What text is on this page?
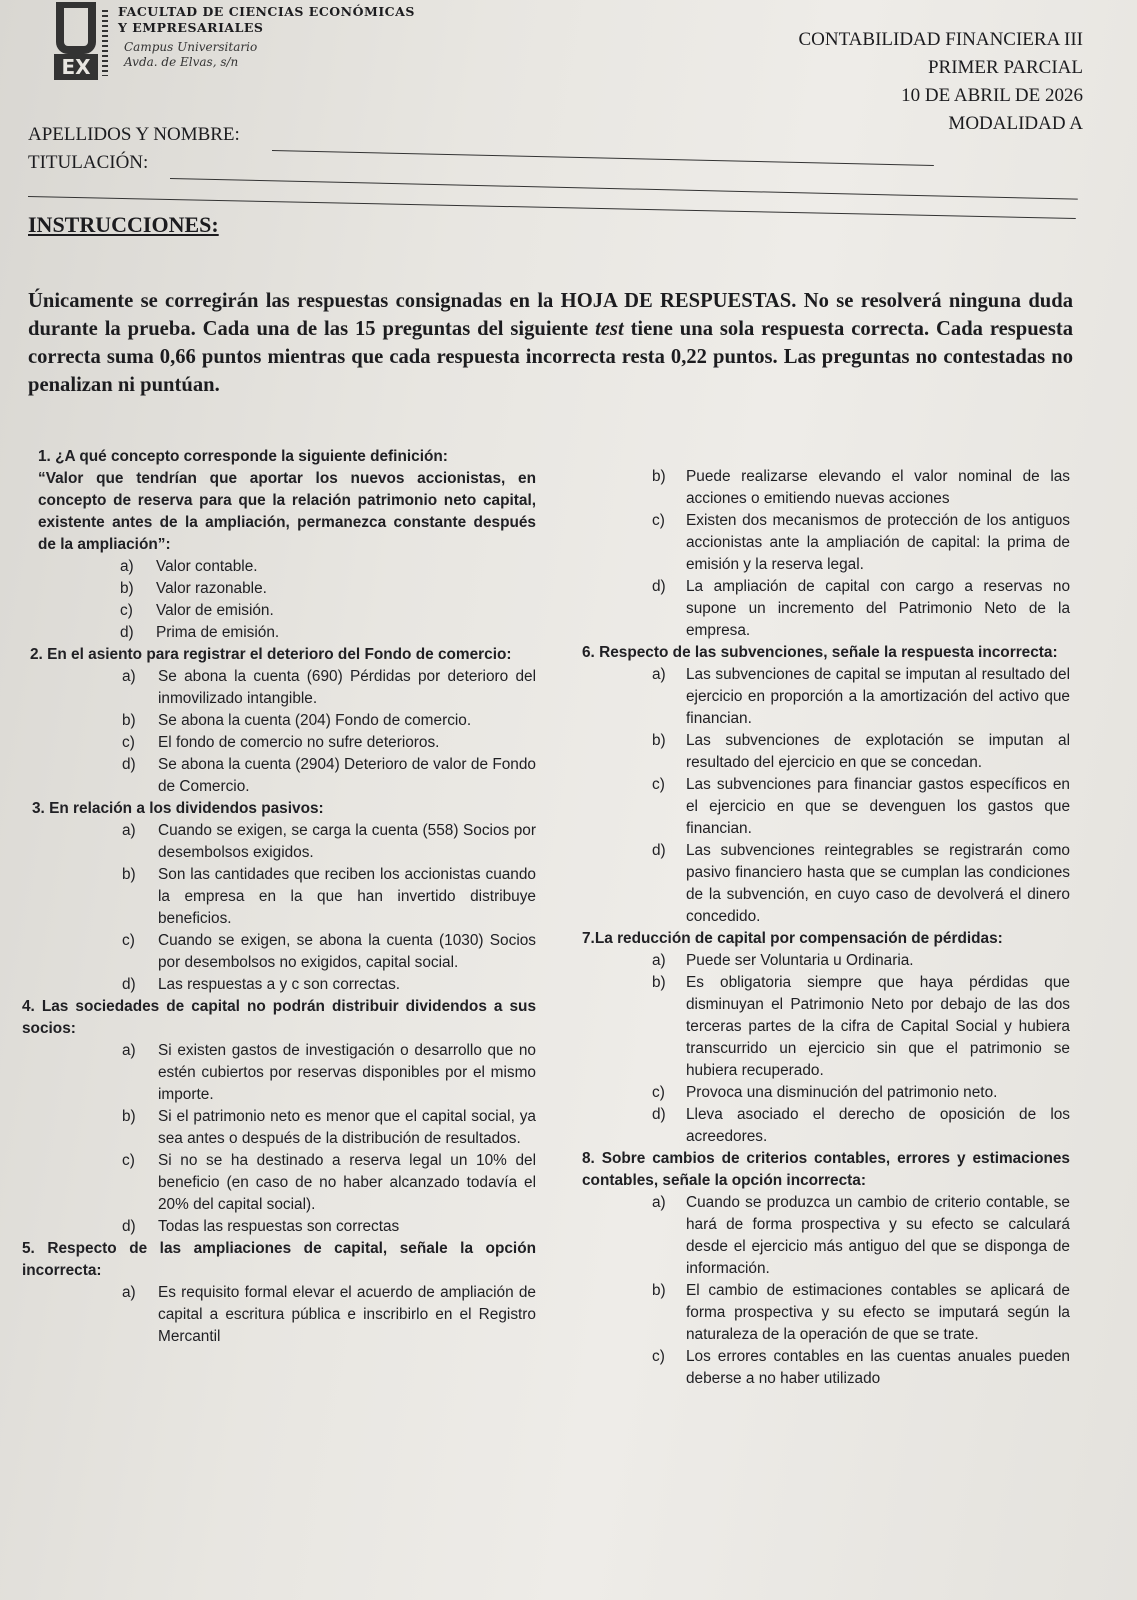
EX
FACULTAD DE CIENCIAS ECONÓMICAS
Y EMPRESARIALES
Campus Universitario
Avda. de Elvas, s/n
CONTABILIDAD FINANCIERA III
PRIMER PARCIAL
10 DE ABRIL DE 2026
MODALIDAD A
APELLIDOS Y NOMBRE:
TITULACIÓN:
INSTRUCCIONES:
Únicamente se corregirán las respuestas consignadas en la HOJA DE RESPUESTAS. No se resolverá ninguna duda durante la prueba. Cada una de las 15 preguntas del siguiente test tiene una sola respuesta correcta. Cada respuesta correcta suma 0,66 puntos mientras que cada respuesta incorrecta resta 0,22 puntos. Las preguntas no contestadas no penalizan ni puntúan.
1. ¿A qué concepto corresponde la siguiente definición:
“Valor que tendrían que aportar los nuevos accionistas, en concepto de reserva para que la relación patrimonio neto capital, existente antes de la ampliación, permanezca constante después de la ampliación”:
a) Valor contable.
b) Valor razonable.
c) Valor de emisión.
d) Prima de emisión.
2. En el asiento para registrar el deterioro del Fondo de comercio:
a) Se abona la cuenta (690) Pérdidas por deterioro del inmovilizado intangible.
b) Se abona la cuenta (204) Fondo de comercio.
c) El fondo de comercio no sufre deterioros.
d) Se abona la cuenta (2904) Deterioro de valor de Fondo de Comercio.
3. En relación a los dividendos pasivos:
a) Cuando se exigen, se carga la cuenta (558) Socios por desembolsos exigidos.
b) Son las cantidades que reciben los accionistas cuando la empresa en la que han invertido distribuye beneficios.
c) Cuando se exigen, se abona la cuenta (1030) Socios por desembolsos no exigidos, capital social.
d) Las respuestas a y c son correctas.
4. Las sociedades de capital no podrán distribuir dividendos a sus socios:
a) Si existen gastos de investigación o desarrollo que no estén cubiertos por reservas disponibles por el mismo importe.
b) Si el patrimonio neto es menor que el capital social, ya sea antes o después de la distribución de resultados.
c) Si no se ha destinado a reserva legal un 10% del beneficio (en caso de no haber alcanzado todavía el 20% del capital social).
d) Todas las respuestas son correctas
5. Respecto de las ampliaciones de capital, señale la opción incorrecta:
a) Es requisito formal elevar el acuerdo de ampliación de capital a escritura pública e inscribirlo en el Registro Mercantil
b) Puede realizarse elevando el valor nominal de las acciones o emitiendo nuevas acciones
c) Existen dos mecanismos de protección de los antiguos accionistas ante la ampliación de capital: la prima de emisión y la reserva legal.
d) La ampliación de capital con cargo a reservas no supone un incremento del Patrimonio Neto de la empresa.
6. Respecto de las subvenciones, señale la respuesta incorrecta:
a) Las subvenciones de capital se imputan al resultado del ejercicio en proporción a la amortización del activo que financian.
b) Las subvenciones de explotación se imputan al resultado del ejercicio en que se concedan.
c) Las subvenciones para financiar gastos específicos en el ejercicio en que se devenguen los gastos que financian.
d) Las subvenciones reintegrables se registrarán como pasivo financiero hasta que se cumplan las condiciones de la subvención, en cuyo caso de devolverá el dinero concedido.
7.La reducción de capital por compensación de pérdidas:
a) Puede ser Voluntaria u Ordinaria.
b) Es obligatoria siempre que haya pérdidas que disminuyan el Patrimonio Neto por debajo de las dos terceras partes de la cifra de Capital Social y hubiera transcurrido un ejercicio sin que el patrimonio se hubiera recuperado.
c) Provoca una disminución del patrimonio neto.
d) Lleva asociado el derecho de oposición de los acreedores.
8. Sobre cambios de criterios contables, errores y estimaciones contables, señale la opción incorrecta:
a) Cuando se produzca un cambio de criterio contable, se hará de forma prospectiva y su efecto se calculará desde el ejercicio más antiguo del que se disponga de información.
b) El cambio de estimaciones contables se aplicará de forma prospectiva y su efecto se imputará según la naturaleza de la operación de que se trate.
c) Los errores contables en las cuentas anuales pueden deberse a no haber utilizado
